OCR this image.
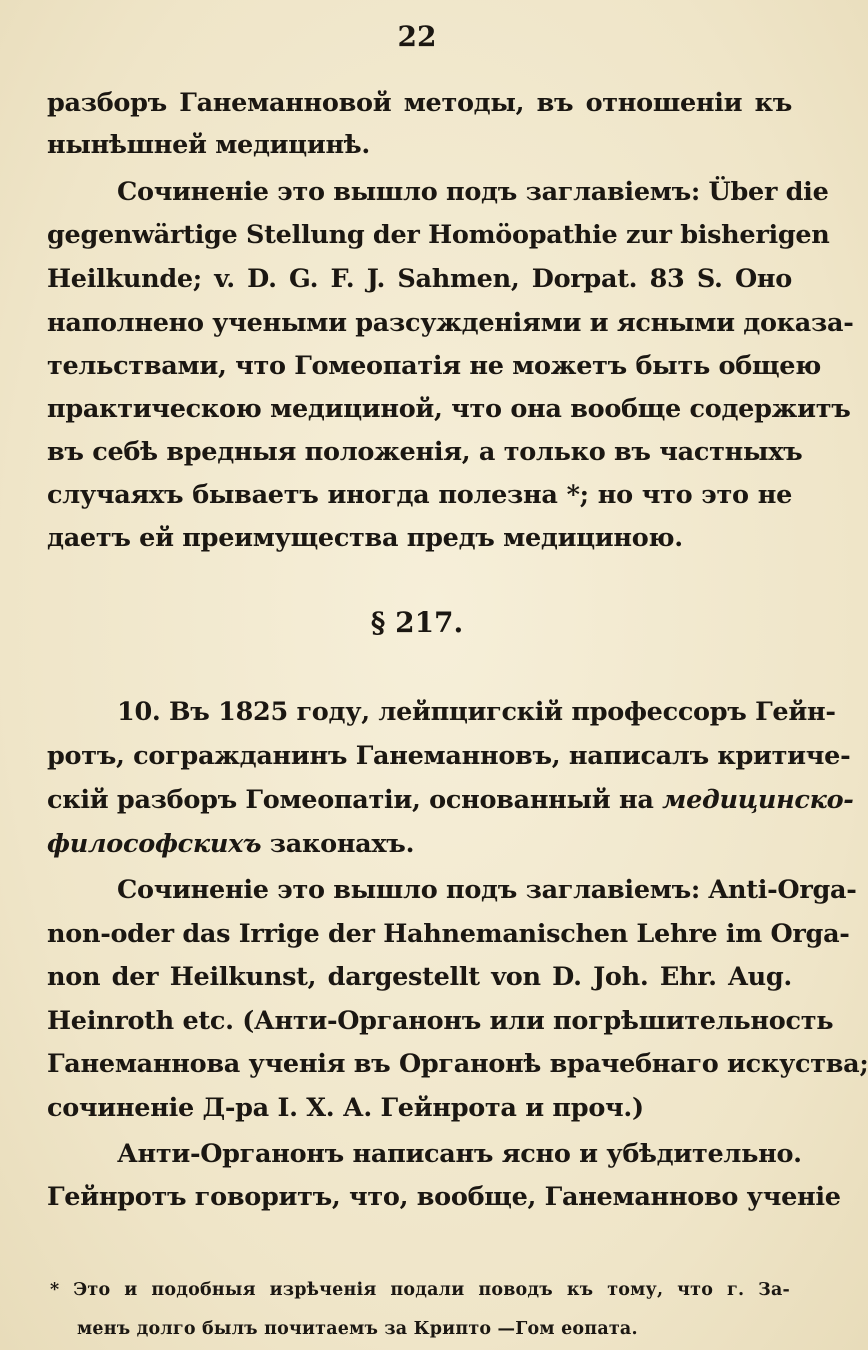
22
разборъ Ганеманновой методы, въ отношеніи къ
нынѣшней медицинѣ.
Сочиненіе это вышло подъ заглавіемъ: Über die
gegenwärtige Stellung der Homöopathie zur bisherigen
Heilkunde; v. D. G. F. J. Sahmen, Dorpat. 83 S. Оно
наполнено учеными разсужденіями и ясными доказа-
тельствами, что Гомеопатія не можетъ быть общею
практическою медициной, что она вообще содержитъ
въ себѣ вредныя положенія, а только въ частныхъ
случаяхъ бываетъ иногда полезна *; но что это не
даетъ ей преимущества предъ медициною.
§ 217.
10. Въ 1825 году, лейпцигскій профессоръ Гейн-
ротъ, согражданинъ Ганеманновъ, написалъ критиче-
скій разборъ Гомеопатіи, основанный на медицинско-
философскихъ законахъ.
Сочиненіе это вышло подъ заглавіемъ: Anti-Orga-
non-oder das Irrige der Hahnemanischen Lehre im Orga-
non der Heilkunst, dargestellt von D. Joh. Ehr. Aug.
Heinroth etc. (Анти-Органонъ или погрѣшительность
Ганеманнова ученія въ Органонѣ врачебнаго искуства;
сочиненіе Д-ра І. Х. А. Гейнрота и проч.)
Анти-Органонъ написанъ ясно и убѣдительно.
Гейнротъ говоритъ, что, вообще, Ганеманново ученіе
* Это и подобныя изрѣченія подали поводъ къ тому, что г. За-
менъ долго былъ почитаемъ за Крипто —Гом еопата.
